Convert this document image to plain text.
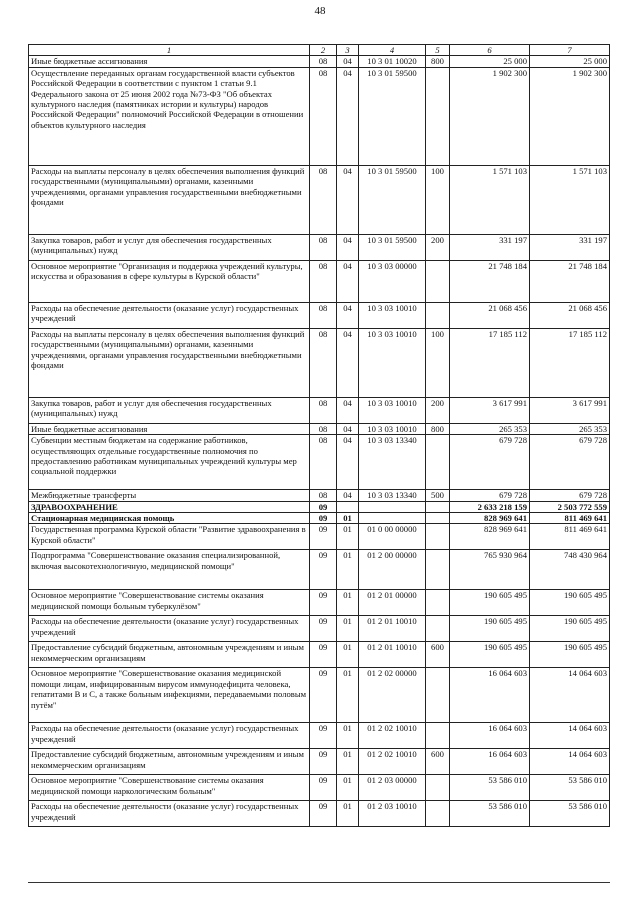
48
1	2	3	4	5	6	7
Иные бюджетные ассигнования	08	04	10 3 01 10020	800	25 000	25 000
Осуществление переданных органам государственной власти субъектов Российской Федерации в соответствии с пунктом 1 статьи 9.1 Федерального закона от 25 июня 2002 года №73-ФЗ "Об объектах культурного наследия (памятниках истории и культуры) народов Российской Федерации" полномочий Российской Федерации в отношении объектов культурного наследия	08	04	10 3 01 59500		1 902 300	1 902 300
Расходы на выплаты персоналу в целях обеспечения выполнения функций государственными (муниципальными) органами, казенными учреждениями, органами управления государственными внебюджетными фондами	08	04	10 3 01 59500	100	1 571 103	1 571 103
Закупка товаров, работ и услуг для обеспечения государственных (муниципальных) нужд	08	04	10 3 01 59500	200	331 197	331 197
Основное мероприятие "Организация и поддержка учреждений культуры, искусства и образования в сфере культуры в Курской области"	08	04	10 3 03 00000		21 748 184	21 748 184
Расходы на обеспечение деятельности (оказание услуг) государственных учреждений	08	04	10 3 03 10010		21 068 456	21 068 456
Расходы на выплаты персоналу в целях обеспечения выполнения функций государственными (муниципальными) органами, казенными учреждениями, органами управления государственными внебюджетными фондами	08	04	10 3 03 10010	100	17 185 112	17 185 112
Закупка товаров, работ и услуг для обеспечения государственных (муниципальных) нужд	08	04	10 3 03 10010	200	3 617 991	3 617 991
Иные бюджетные ассигнования	08	04	10 3 03 10010	800	265 353	265 353
Субвенции местным бюджетам на содержание работников, осуществляющих отдельные государственные полномочия по предоставлению работникам муниципальных учреждений культуры мер социальной поддержки	08	04	10 3 03 13340		679 728	679 728
Межбюджетные трансферты	08	04	10 3 03 13340	500	679 728	679 728
ЗДРАВООХРАНЕНИЕ	09				2 633 218 159	2 503 772 559
Стационарная медицинская помощь	09	01			828 969 641	811 469 641
Государственная программа Курской области "Развитие здравоохранения в Курской области"	09	01	01 0 00 00000		828 969 641	811 469 641
Подпрограмма "Совершенствование оказания специализированной, включая высокотехнологичную, медицинской помощи"	09	01	01 2 00 00000		765 930 964	748 430 964
Основное мероприятие "Совершенствование системы оказания медицинской помощи больным туберкулёзом"	09	01	01 2 01 00000		190 605 495	190 605 495
Расходы на обеспечение деятельности (оказание услуг) государственных учреждений	09	01	01 2 01 10010		190 605 495	190 605 495
Предоставление субсидий бюджетным, автономным учреждениям и иным некоммерческим организациям	09	01	01 2 01 10010	600	190 605 495	190 605 495
Основное мероприятие "Совершенствование оказания медицинской помощи лицам, инфицированным вирусом иммунодефицита человека, гепатитами В и С, а также больным инфекциями, передаваемыми половым путём"	09	01	01 2 02 00000		16 064 603	14 064 603
Расходы на обеспечение деятельности (оказание услуг) государственных учреждений	09	01	01 2 02 10010		16 064 603	14 064 603
Предоставление субсидий бюджетным, автономным учреждениям и иным некоммерческим организациям	09	01	01 2 02 10010	600	16 064 603	14 064 603
Основное мероприятие "Совершенствование системы оказания медицинской помощи наркологическим больным"	09	01	01 2 03 00000		53 586 010	53 586 010
Расходы на обеспечение деятельности (оказание услуг) государственных учреждений	09	01	01 2 03 10010		53 586 010	53 586 010
